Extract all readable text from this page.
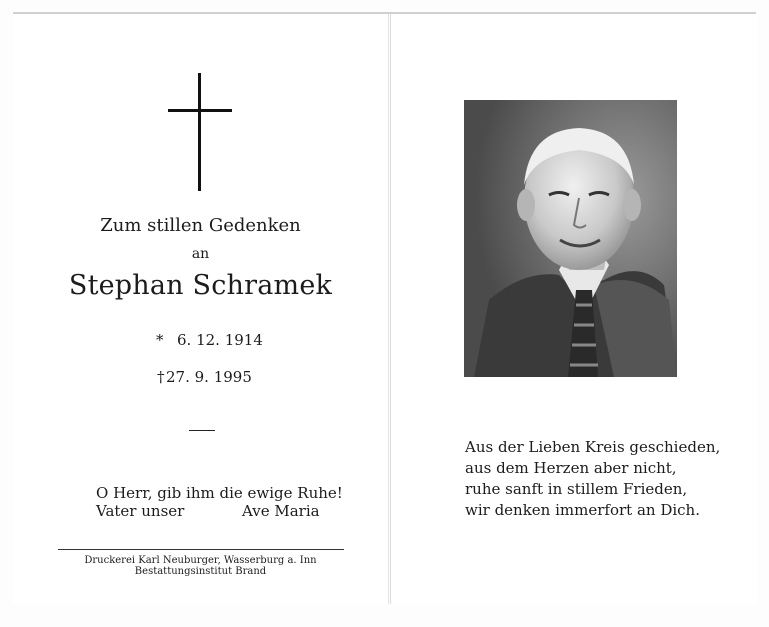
Zum stillen Gedenken
an
Stephan Schramek
* 6. 12. 1914
† 27. 9. 1995
O Herr, gib ihm die ewige Ruhe!
Vater unser	Ave Maria
Druckerei Karl Neuburger, Wasserburg a. Inn
Bestattungsinstitut Brand
Aus der Lieben Kreis geschieden,
aus dem Herzen aber nicht,
ruhe sanft in stillem Frieden,
wir denken immerfort an Dich.
